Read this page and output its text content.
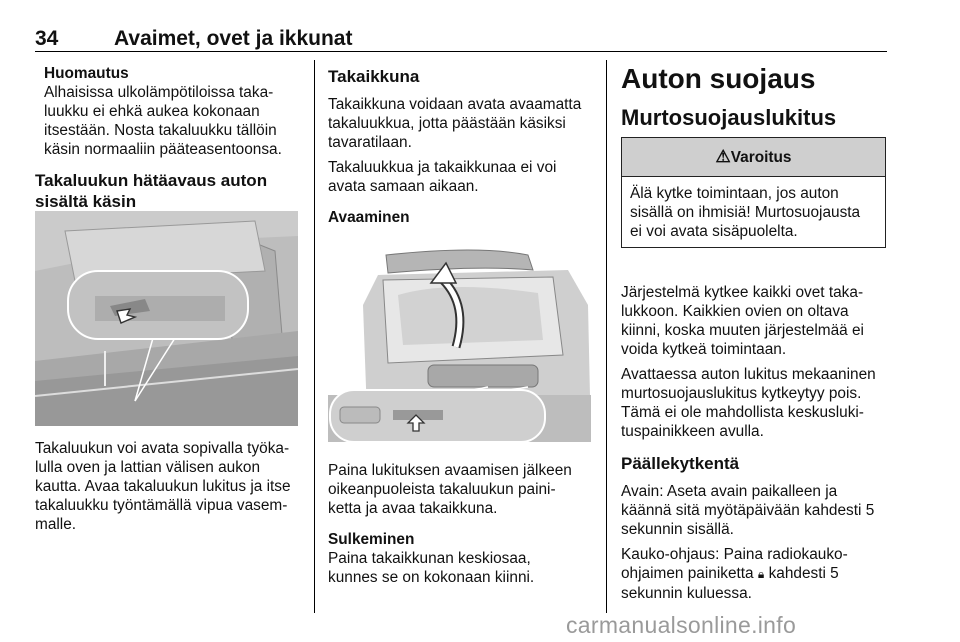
34	Avaimet, ovet ja ikkunat

Huomautus

Alhaisissa ulkolämpötiloissa taka-

luukku ei ehkä aukea kokonaan

itsestään. Nosta takaluukku tällöin

käsin normaaliin pääteasentoonsa.

Takaluukun hätäavaus auton

sisältä käsin

Takaluukun voi avata sopivalla työka-

lulla oven ja lattian välisen aukon

kautta. Avaa takaluukun lukitus ja itse

takaluukku työntämällä vipua vasem-

malle.

Takaikkuna

Takaikkuna voidaan avata avaamatta

takaluukkua, jotta päästään käsiksi

tavaratilaan.

Takaluukkua ja takaikkunaa ei voi

avata samaan aikaan.

Avaaminen

Paina lukituksen avaamisen jälkeen

oikeanpuoleista takaluukun paini-

ketta ja avaa takaikkuna.

Sulkeminen

Paina takaikkunan keskiosaa,

kunnes se on kokonaan kiinni.

Auton suojaus

Murtosuojauslukitus

⚠Varoitus

Älä kytke toimintaan, jos auton

sisällä on ihmisiä! Murtosuojausta

ei voi avata sisäpuolelta.

Järjestelmä kytkee kaikki ovet taka-

lukkoon. Kaikkien ovien on oltava

kiinni, koska muuten järjestelmää ei

voida kytkeä toimintaan.

Avattaessa auton lukitus mekaaninen

murtosuojauslukitus kytkeytyy pois.

Tämä ei ole mahdollista keskusluki-

tuspainikkeen avulla.

Päällekytkentä

Avain: Aseta avain paikalleen ja

käännä sitä myötäpäivään kahdesti 5

sekunnin sisällä.

Kauko-ohjaus: Paina radiokauko-

ohjaimen painiketta 🔒︎ kahdesti 5

sekunnin kuluessa.

carmanualsonline.info
